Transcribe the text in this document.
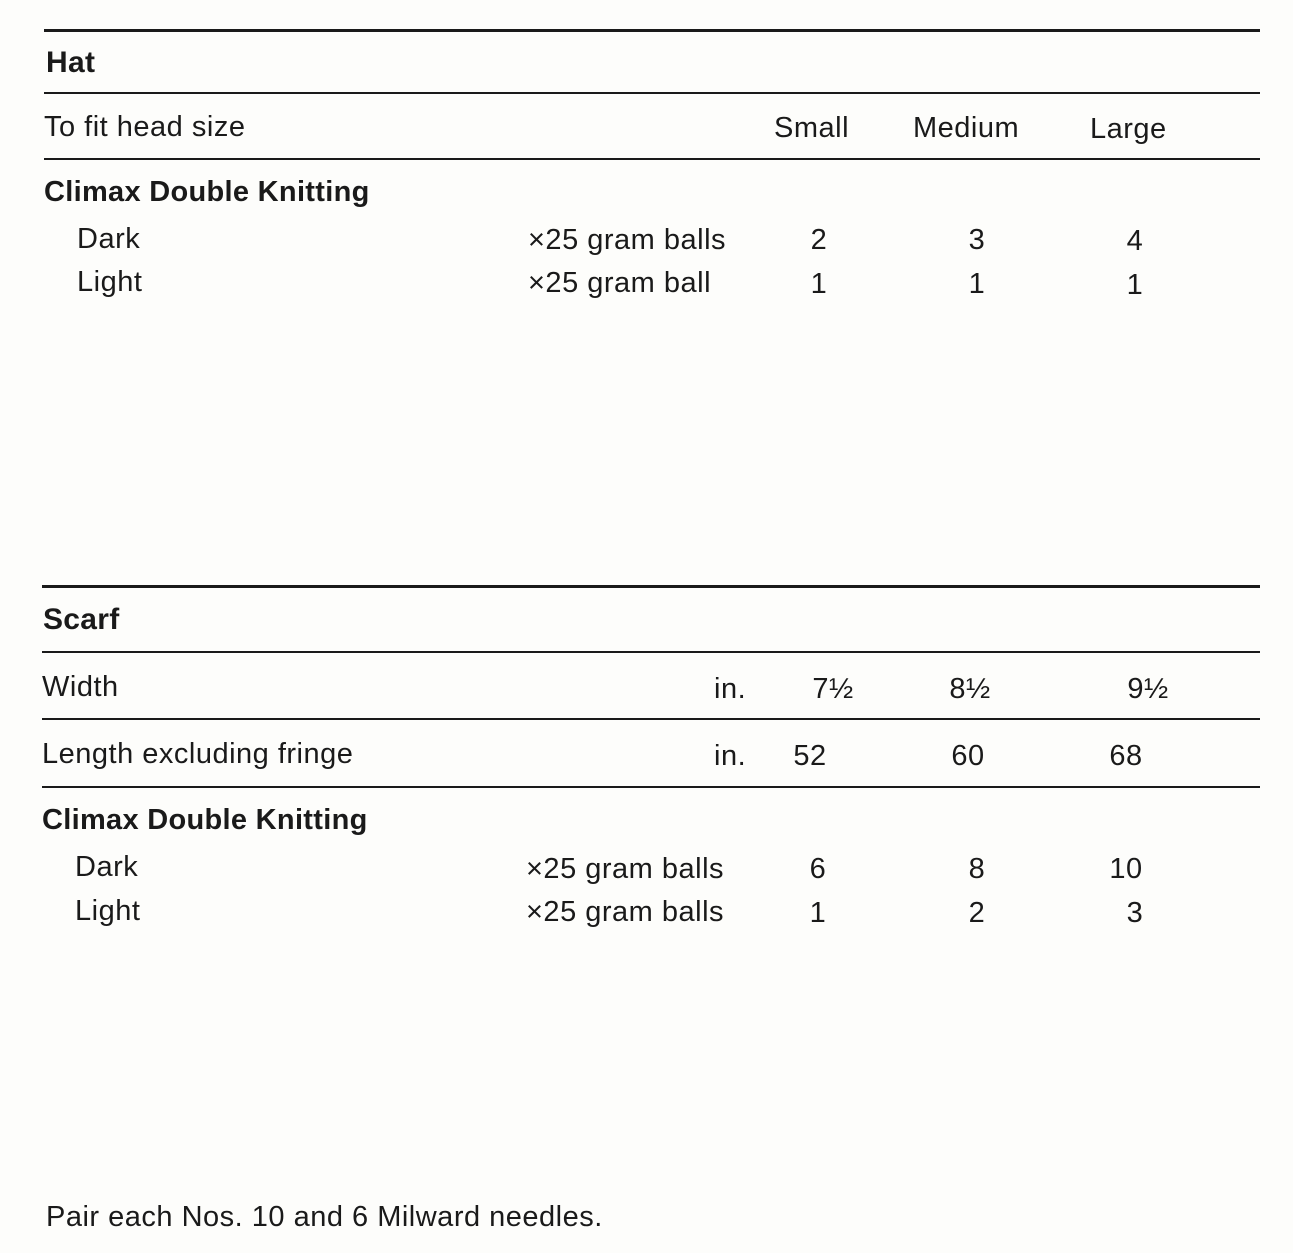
Hat
To fit head size	Small Medium Large
Climax Double Knitting
Dark	×25 gram balls	2	3	4
Light	×25 gram ball	1	1	1
Scarf
Width	in.	7½	8½	9½
Length excluding fringe	in.	52	60	68
Climax Double Knitting
Dark	×25 gram balls	6	8	10
Light	×25 gram balls	1	2	3
Pair each Nos. 10 and 6 Milward needles.
